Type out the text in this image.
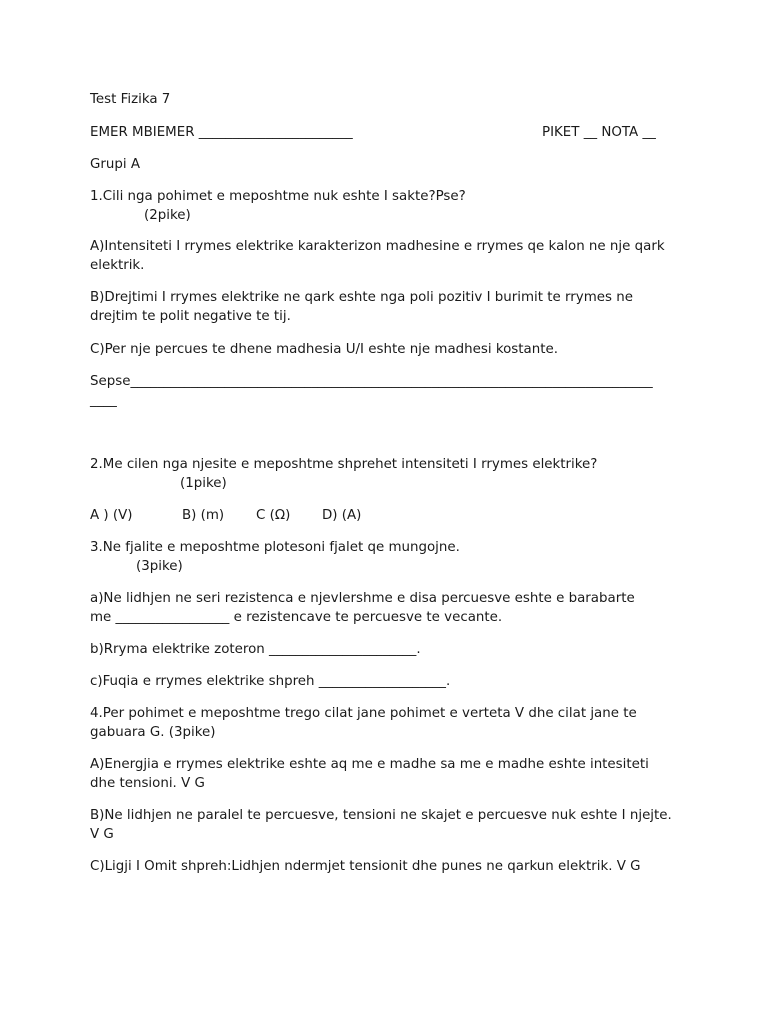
Test Fizika 7
EMER MBIEMER _______________________	PIKET __ NOTA __
Grupi A
1.Cili nga pohimet e meposhtme nuk eshte I sakte?Pse?
(2pike)
A)Intensiteti I rrymes elektrike karakterizon madhesine e rrymes qe kalon ne nje qark elektrik.
B)Drejtimi I rrymes elektrike ne qark eshte nga poli pozitiv I burimit te rrymes ne drejtim te polit negative te tij.
C)Per nje percues te dhene madhesia U/I eshte nje madhesi kostante.
Sepse______________________________________________________________________________
____
2.Me cilen nga njesite e meposhtme shprehet intensiteti I rrymes elektrike?
(1pike)
A ) (V)	B) (m) C (Ω) D) (A)
3.Ne fjalite e meposhtme plotesoni fjalet qe mungojne.
(3pike)
a)Ne lidhjen ne seri rezistenca e njevlershme e disa percuesve eshte e barabarte
me _________________ e rezistencave te percuesve te vecante.
b)Rryma elektrike zoteron ______________________.
c)Fuqia e rrymes elektrike shpreh ___________________.
4.Per pohimet e meposhtme trego cilat jane pohimet e verteta V dhe cilat jane te gabuara G. (3pike)
A)Energjia e rrymes elektrike eshte aq me e madhe sa me e madhe eshte intesiteti dhe tensioni. V G
B)Ne lidhjen ne paralel te percuesve, tensioni ne skajet e percuesve nuk eshte I njejte. V G
C)Ligji I Omit shpreh:Lidhjen ndermjet tensionit dhe punes ne qarkun elektrik. V G
